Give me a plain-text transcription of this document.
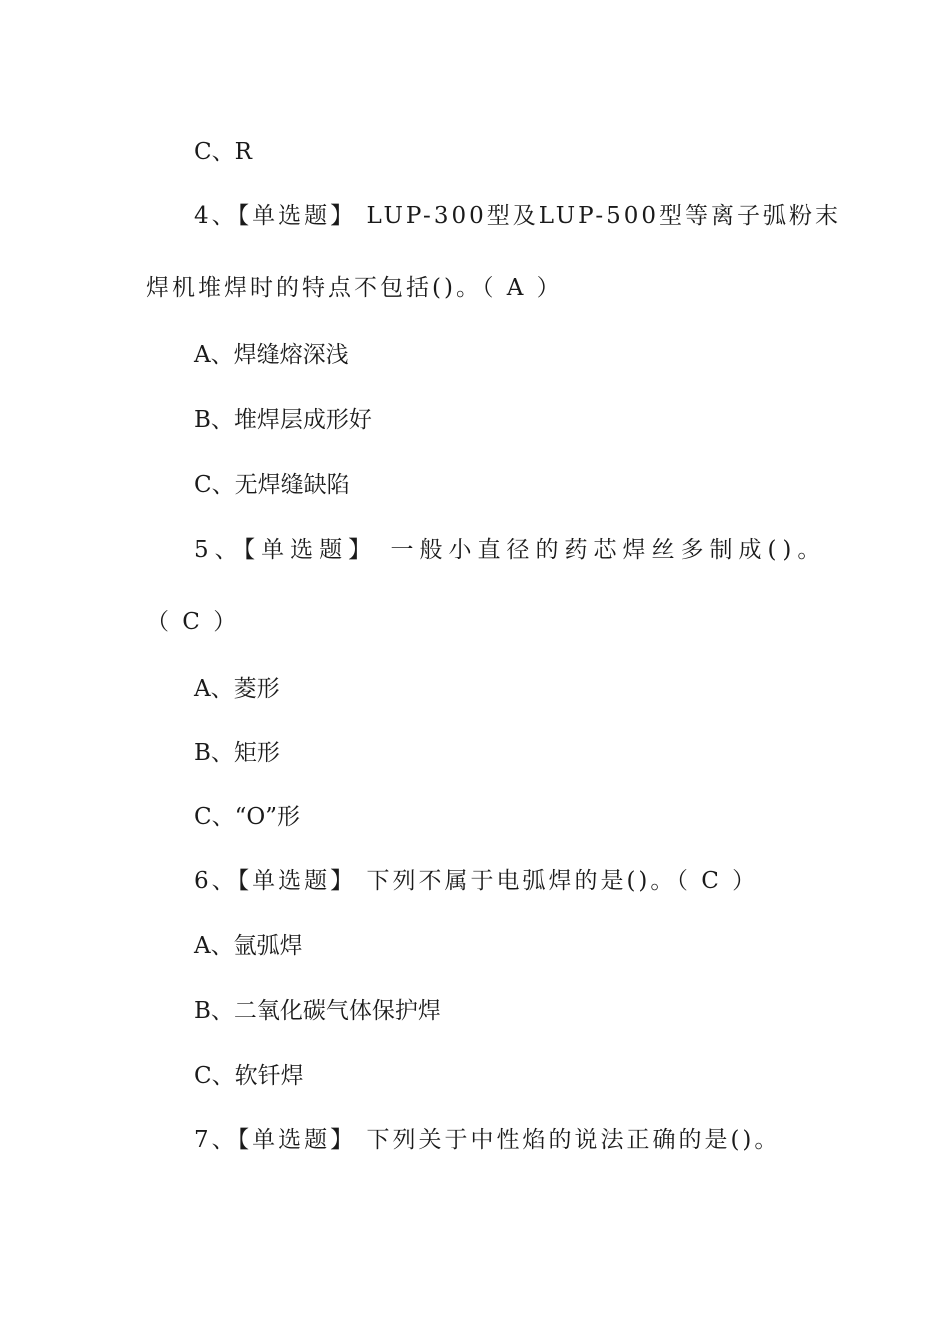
C、R
4、【单选题】 LUP-300型及LUP-500型等离子弧粉末
焊机堆焊时的特点不包括()。（ A ）
A、焊缝熔深浅
B、堆焊层成形好
C、无焊缝缺陷
5、【单选题】 一般小直径的药芯焊丝多制成()。
（ C ）
A、菱形
B、矩形
C、“O”形
6、【单选题】 下列不属于电弧焊的是()。（ C ）
A、氩弧焊
B、二氧化碳气体保护焊
C、软钎焊
7、【单选题】 下列关于中性焰的说法正确的是()。
